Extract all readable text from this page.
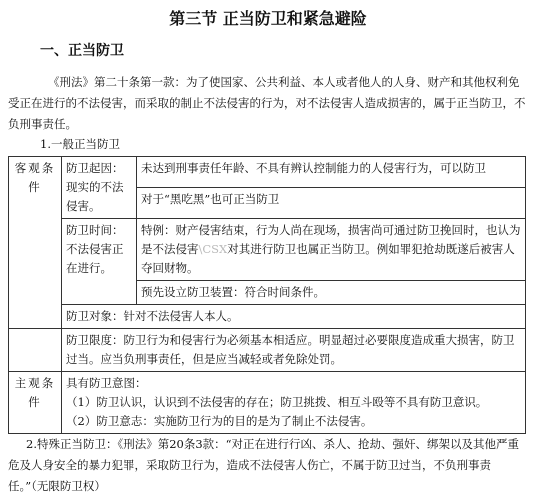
第三节 正当防卫和紧急避险
一、正当防卫

《刑法》第二十条第一款：为了使国家、公共利益、本人或者他人的人身、财产和其他权利免受正在进行的不法侵害，而采取的制止不法侵害的行为，对不法侵害人造成损害的，属于正当防卫，不负刑事责任。

1.一般正当防卫
客观条件	防卫起因：现实的不法侵害。	未达到刑事责任年龄、不具有辨认控制能力的人侵害行为，可以防卫
		对于“黑吃黑”也可正当防卫
	防卫时间：不法侵害正在进行。	特例：财产侵害结束，行为人尚在现场，损害尚可通过防卫挽回时，也认为是不法侵害\CSX对其进行防卫也属正当防卫。例如罪犯抢劫既遂后被害人夺回财物。
		预先设立防卫装置：符合时间条件。
	防卫对象：针对不法侵害人本人。	
	防卫限度：防卫行为和侵害行为必须基本相适应。明显超过必要限度造成重大损害，防卫过当。应当负刑事责任，但是应当减轻或者免除处罚。	
主观条件	具有防卫意图：
（1）防卫认识，认识到不法侵害的存在；防卫挑拨、相互斗殴等不具有防卫意识。
（2）防卫意志：实施防卫行为的目的是为了制止不法侵害。	

2.特殊正当防卫：《刑法》第20条3款：“对正在进行行凶、杀人、抢劫、强奸、绑架以及其他严重危及人身安全的暴力犯罪，采取防卫行为，造成不法侵害人伤亡，不属于防卫过当，不负刑事责任。”（无限防卫权）
